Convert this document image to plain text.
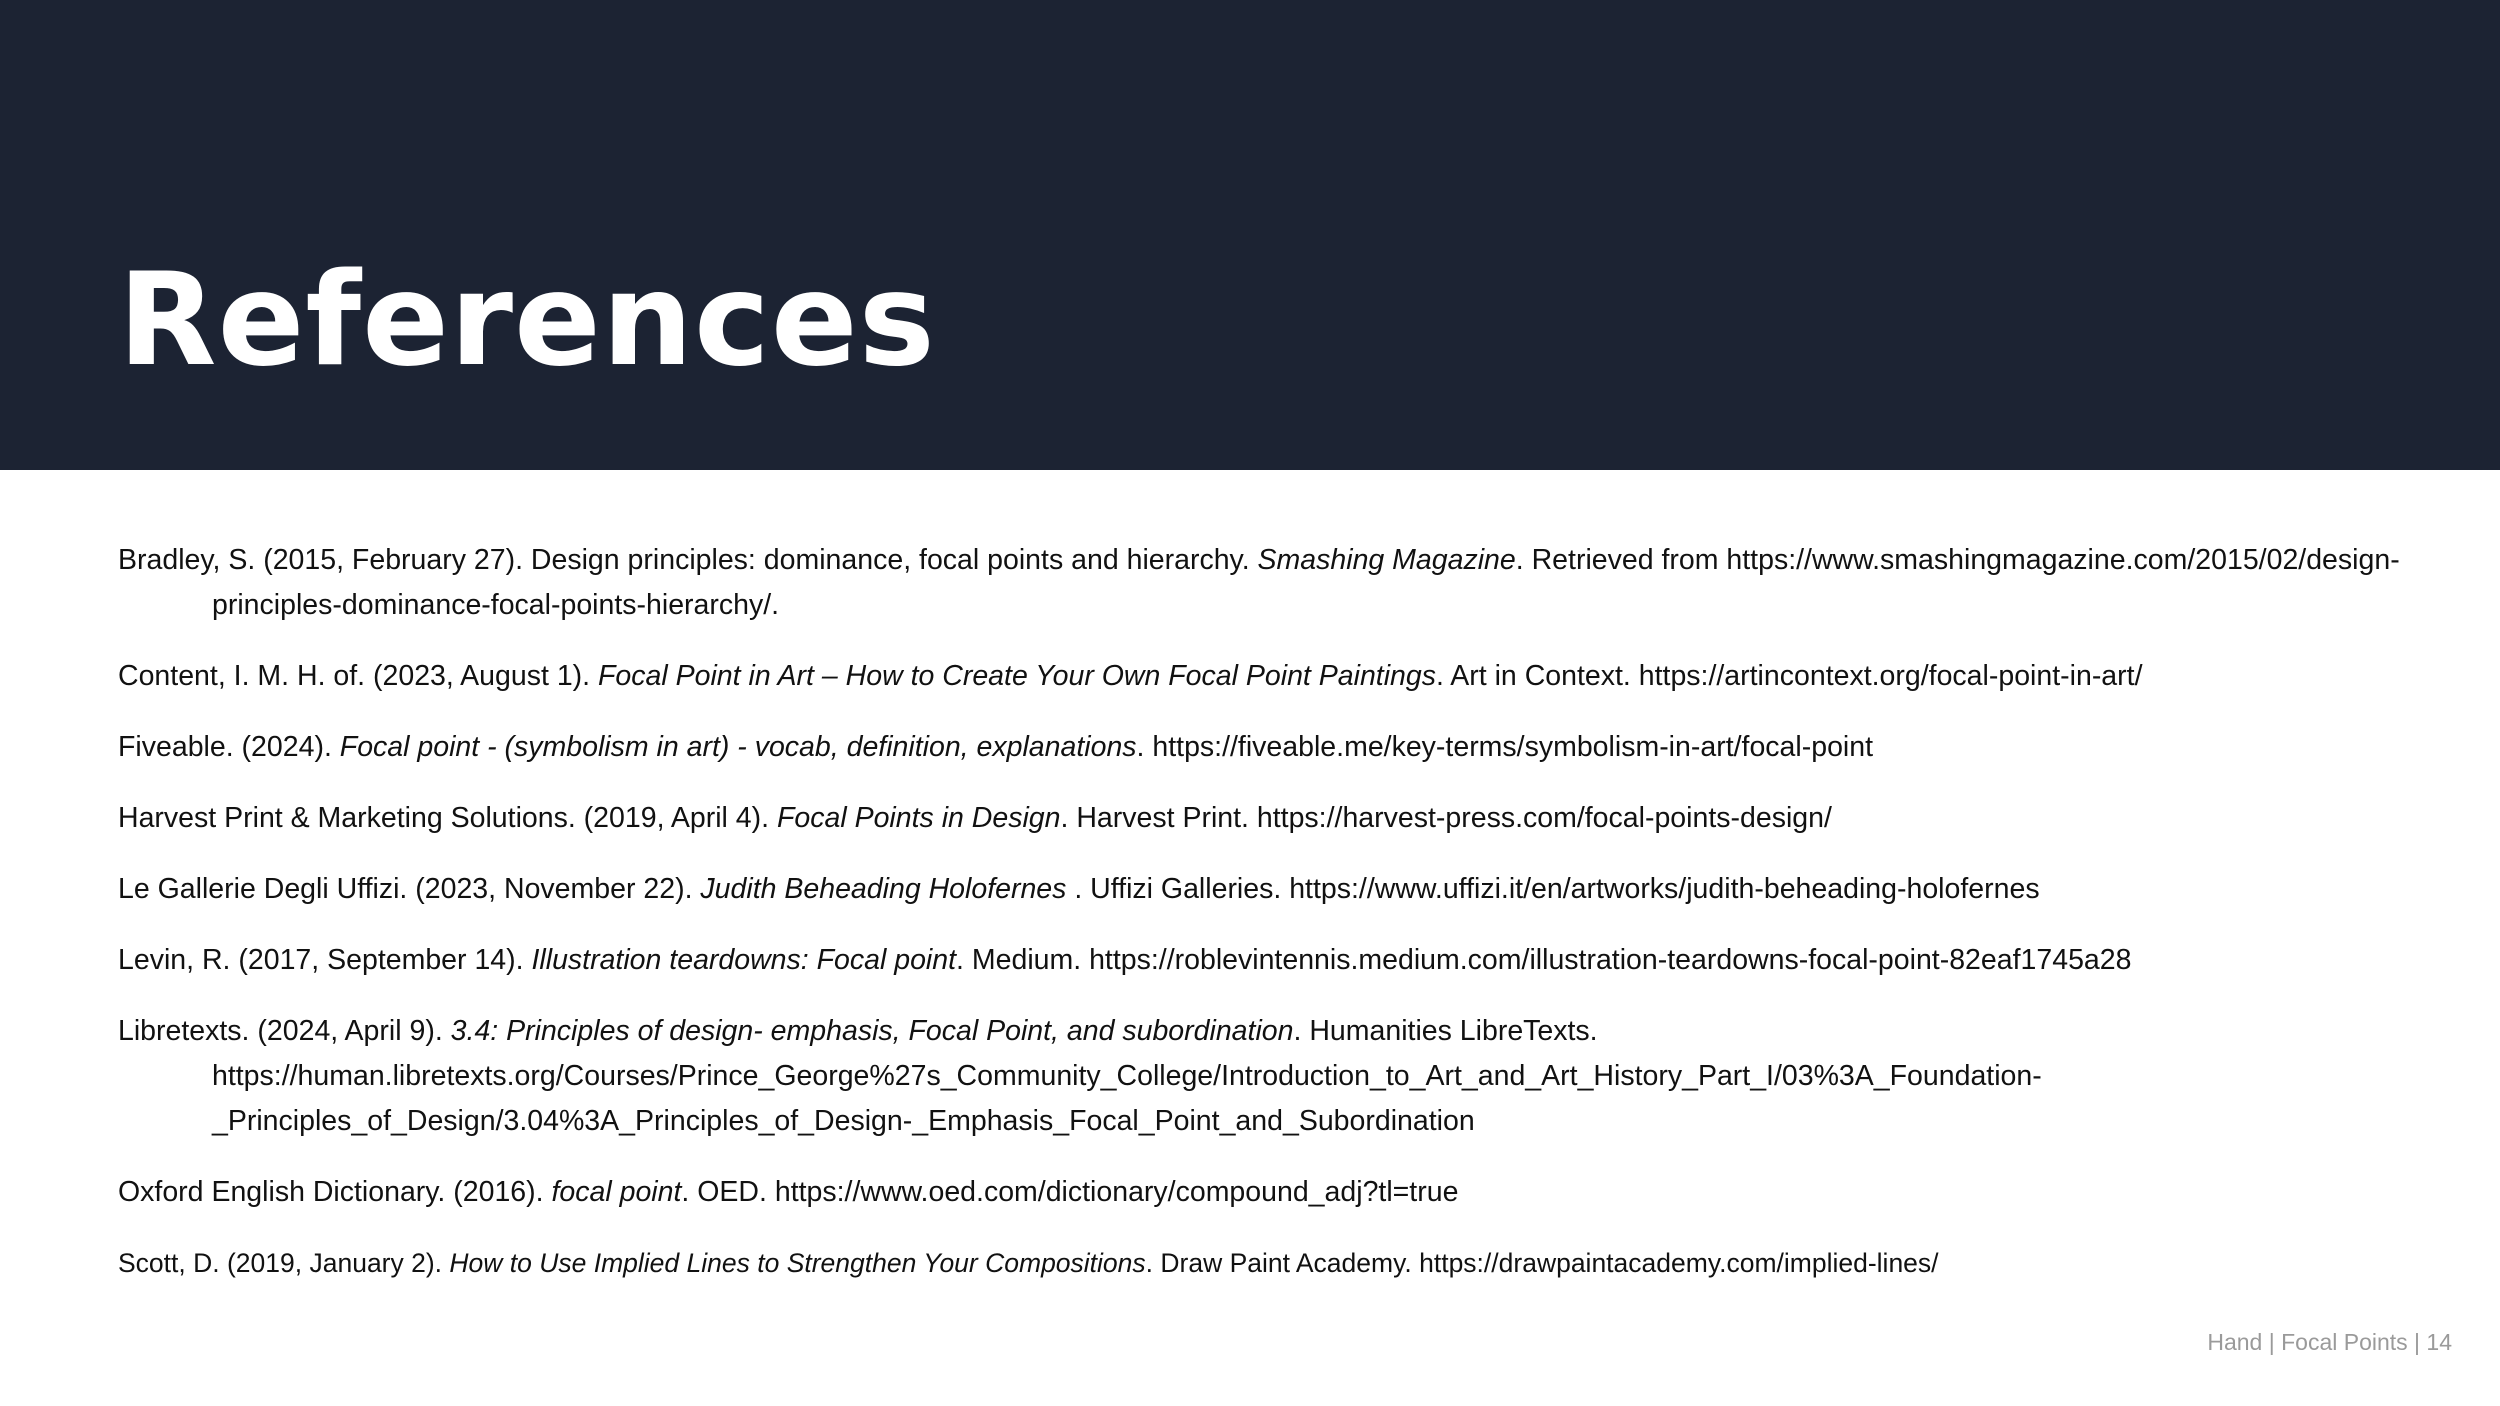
References
Bradley, S. (2015, February 27). Design principles: dominance, focal points and hierarchy. Smashing Magazine. Retrieved from https://www.smashingmagazine.com/2015/02/design-principles-dominance-focal-points-hierarchy/.
Content, I. M. H. of. (2023, August 1). Focal Point in Art – How to Create Your Own Focal Point Paintings. Art in Context. https://artincontext.org/focal-point-in-art/
Fiveable. (2024). Focal point - (symbolism in art) - vocab, definition, explanations. https://fiveable.me/key-terms/symbolism-in-art/focal-point
Harvest Print & Marketing Solutions. (2019, April 4). Focal Points in Design. Harvest Print. https://harvest-press.com/focal-points-design/
Le Gallerie Degli Uffizi. (2023, November 22). Judith Beheading Holofernes . Uffizi Galleries. https://www.uffizi.it/en/artworks/judith-beheading-holofernes
Levin, R. (2017, September 14). Illustration teardowns: Focal point. Medium. https://roblevintennis.medium.com/illustration-teardowns-focal-point-82eaf1745a28
Libretexts. (2024, April 9). 3.4: Principles of design- emphasis, Focal Point, and subordination. Humanities LibreTexts. https://human.libretexts.org/Courses/Prince_George%27s_Community_College/Introduction_to_Art_and_Art_History_Part_I/03%3A_Foundation-_Principles_of_Design/3.04%3A_Principles_of_Design-_Emphasis_Focal_Point_and_Subordination
Oxford English Dictionary. (2016). focal point. OED. https://www.oed.com/dictionary/compound_adj?tl=true
Scott, D. (2019, January 2). How to Use Implied Lines to Strengthen Your Compositions. Draw Paint Academy. https://drawpaintacademy.com/implied-lines/
Hand | Focal Points | 14
